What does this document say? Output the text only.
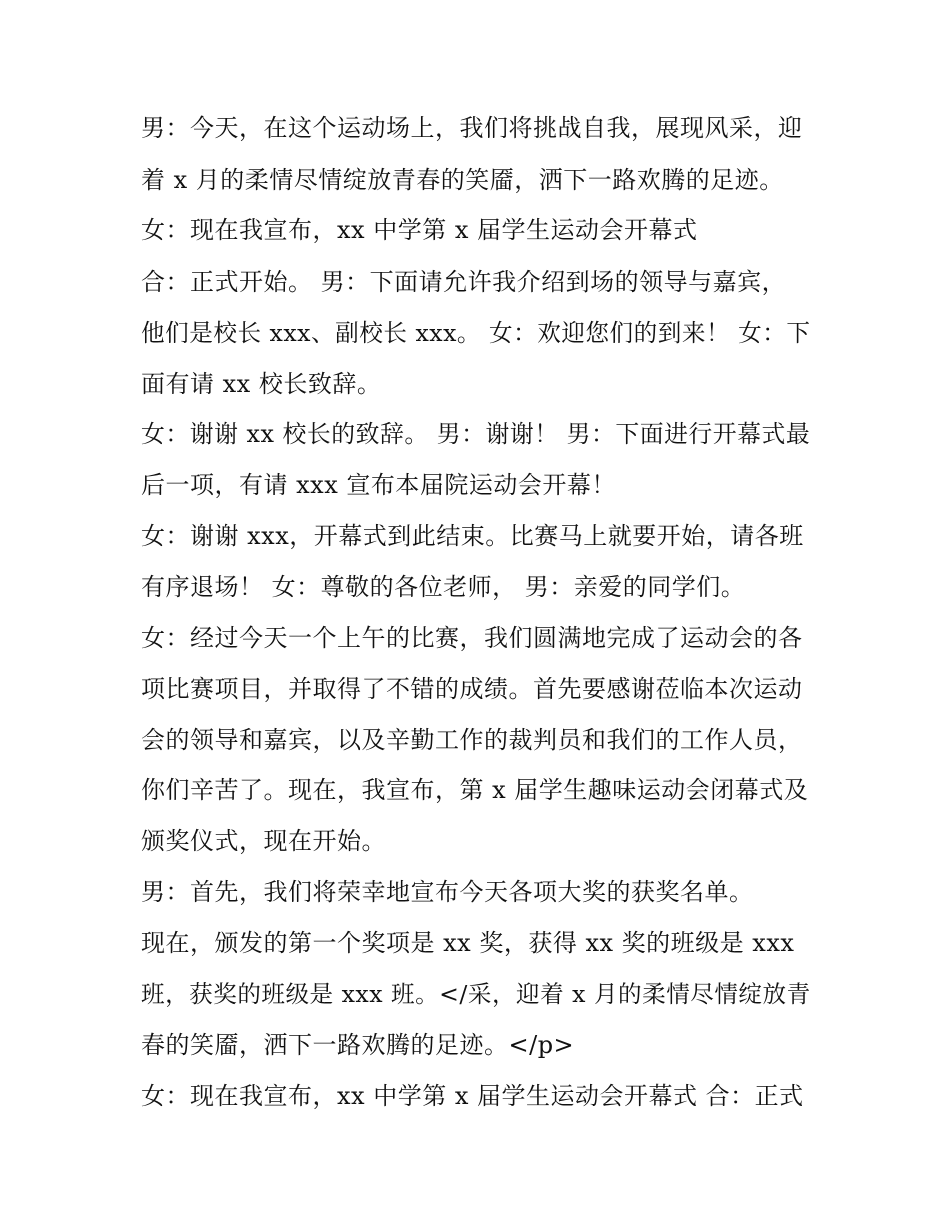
男：今天，在这个运动场上，我们将挑战自我，展现风采，迎
着 x 月的柔情尽情绽放青春的笑靥，洒下一路欢腾的足迹。
女：现在我宣布，xx 中学第 x 届学生运动会开幕式
合：正式开始。 男：下面请允许我介绍到场的领导与嘉宾，
他们是校长 xxx、副校长 xxx。 女：欢迎您们的到来！ 女：下
面有请 xx 校长致辞。
女：谢谢 xx 校长的致辞。 男：谢谢！ 男：下面进行开幕式最
后一项，有请 xxx 宣布本届院运动会开幕！
女：谢谢 xxx，开幕式到此结束。比赛马上就要开始，请各班
有序退场！ 女：尊敬的各位老师， 男：亲爱的同学们。
女：经过今天一个上午的比赛，我们圆满地完成了运动会的各
项比赛项目，并取得了不错的成绩。首先要感谢莅临本次运动
会的领导和嘉宾，以及辛勤工作的裁判员和我们的工作人员，
你们辛苦了。现在，我宣布，第 x 届学生趣味运动会闭幕式及
颁奖仪式，现在开始。
男：首先，我们将荣幸地宣布今天各项大奖的获奖名单。
现在，颁发的第一个奖项是 xx 奖，获得 xx 奖的班级是 xxx
班，获奖的班级是 xxx 班。</采，迎着 x 月的柔情尽情绽放青
春的笑靥，洒下一路欢腾的足迹。</p>
女：现在我宣布，xx 中学第 x 届学生运动会开幕式 合：正式
